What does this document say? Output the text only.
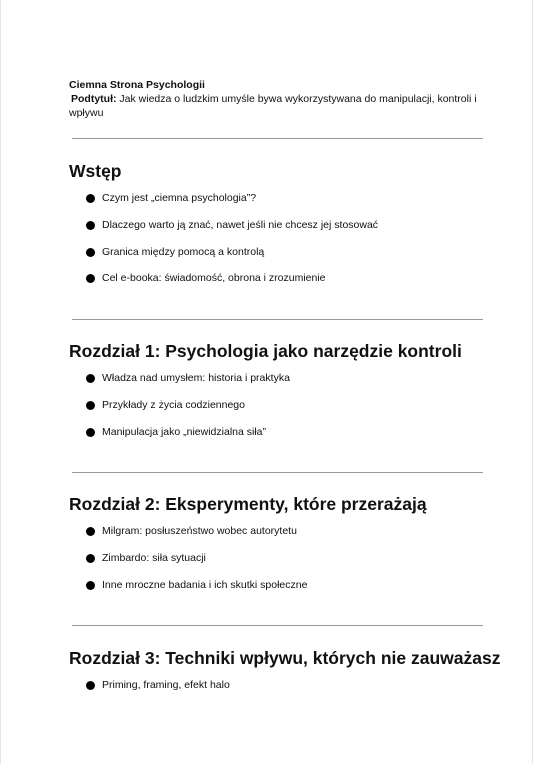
Ciemna Strona Psychologii

Podtytuł: Jak wiedza o ludzkim umyśle bywa wykorzystywana do manipulacji, kontroli i wpływu

Wstęp
Czym jest „ciemna psychologia”?
Dlaczego warto ją znać, nawet jeśli nie chcesz jej stosować
Granica między pomocą a kontrolą
Cel e-booka: świadomość, obrona i zrozumienie
Rozdział 1: Psychologia jako narzędzie kontroli
Władza nad umysłem: historia i praktyka
Przykłady z życia codziennego
Manipulacja jako „niewidzialna siła”
Rozdział 2: Eksperymenty, które przerażają
Milgram: posłuszeństwo wobec autorytetu
Zimbardo: siła sytuacji
Inne mroczne badania i ich skutki społeczne
Rozdział 3: Techniki wpływu, których nie zauważasz
Priming, framing, efekt halo
